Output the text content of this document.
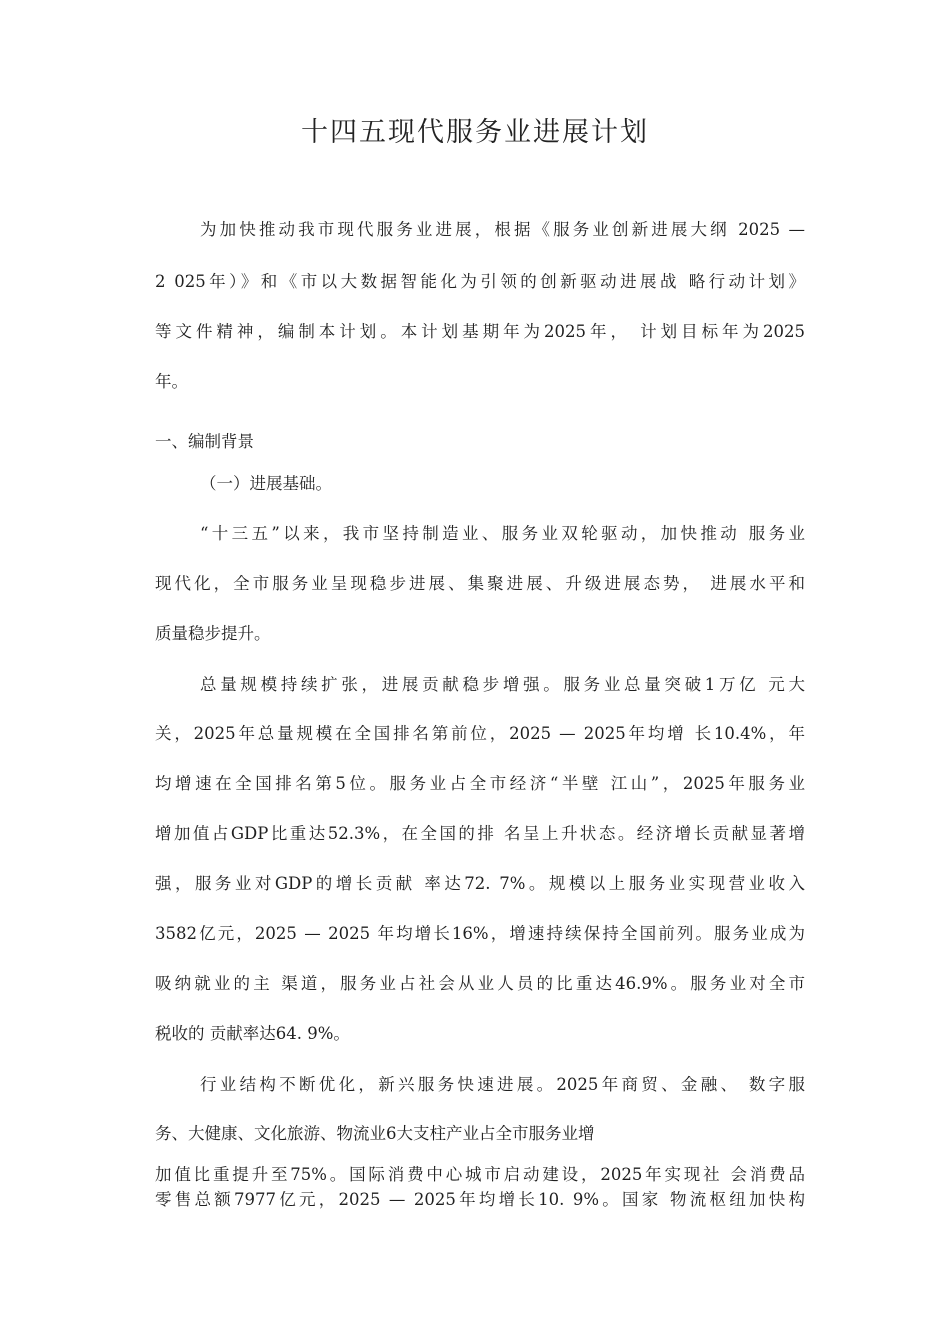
十四五现代服务业进展计划
为加快推动我市现代服务业进展，根据《服务业创新进展大纲 2025 —
2 025年）》和《市以大数据智能化为引领的创新驱动进展战 略行动计划》
等文件精神，编制本计划。本计划基期年为2025年， 计划目标年为2025
年。
一、编制背景
（一）进展基础。
“十三五”以来，我市坚持制造业、服务业双轮驱动，加快推动 服务业
现代化，全市服务业呈现稳步进展、集聚进展、升级进展态势， 进展水平和
质量稳步提升。
总量规模持续扩张，进展贡献稳步增强。服务业总量突破1万亿 元大
关，2025年总量规模在全国排名第前位，2025 — 2025年均增 长10.4%，年
均增速在全国排名第5位。服务业占全市经济“半壁 江山”，2025年服务业
增加值占GDP比重达52.3%，在全国的排 名呈上升状态。经济增长贡献显著增
强，服务业对GDP的增长贡献 率达72. 7%。规模以上服务业实现营业收入
3582亿元，2025 — 2025 年均增长16%，增速持续保持全国前列。服务业成为
吸纳就业的主 渠道，服务业占社会从业人员的比重达46.9%。服务业对全市
税收的 贡献率达64. 9%。
行业结构不断优化，新兴服务快速进展。2025年商贸、金融、 数字服
务、大健康、文化旅游、物流业6大支柱产业占全市服务业增
加值比重提升至75%。国际消费中心城市启动建设，2025年实现社 会消费品
零售总额7977亿元，2025 — 2025年均增长10. 9%。国家 物流枢纽加快构
